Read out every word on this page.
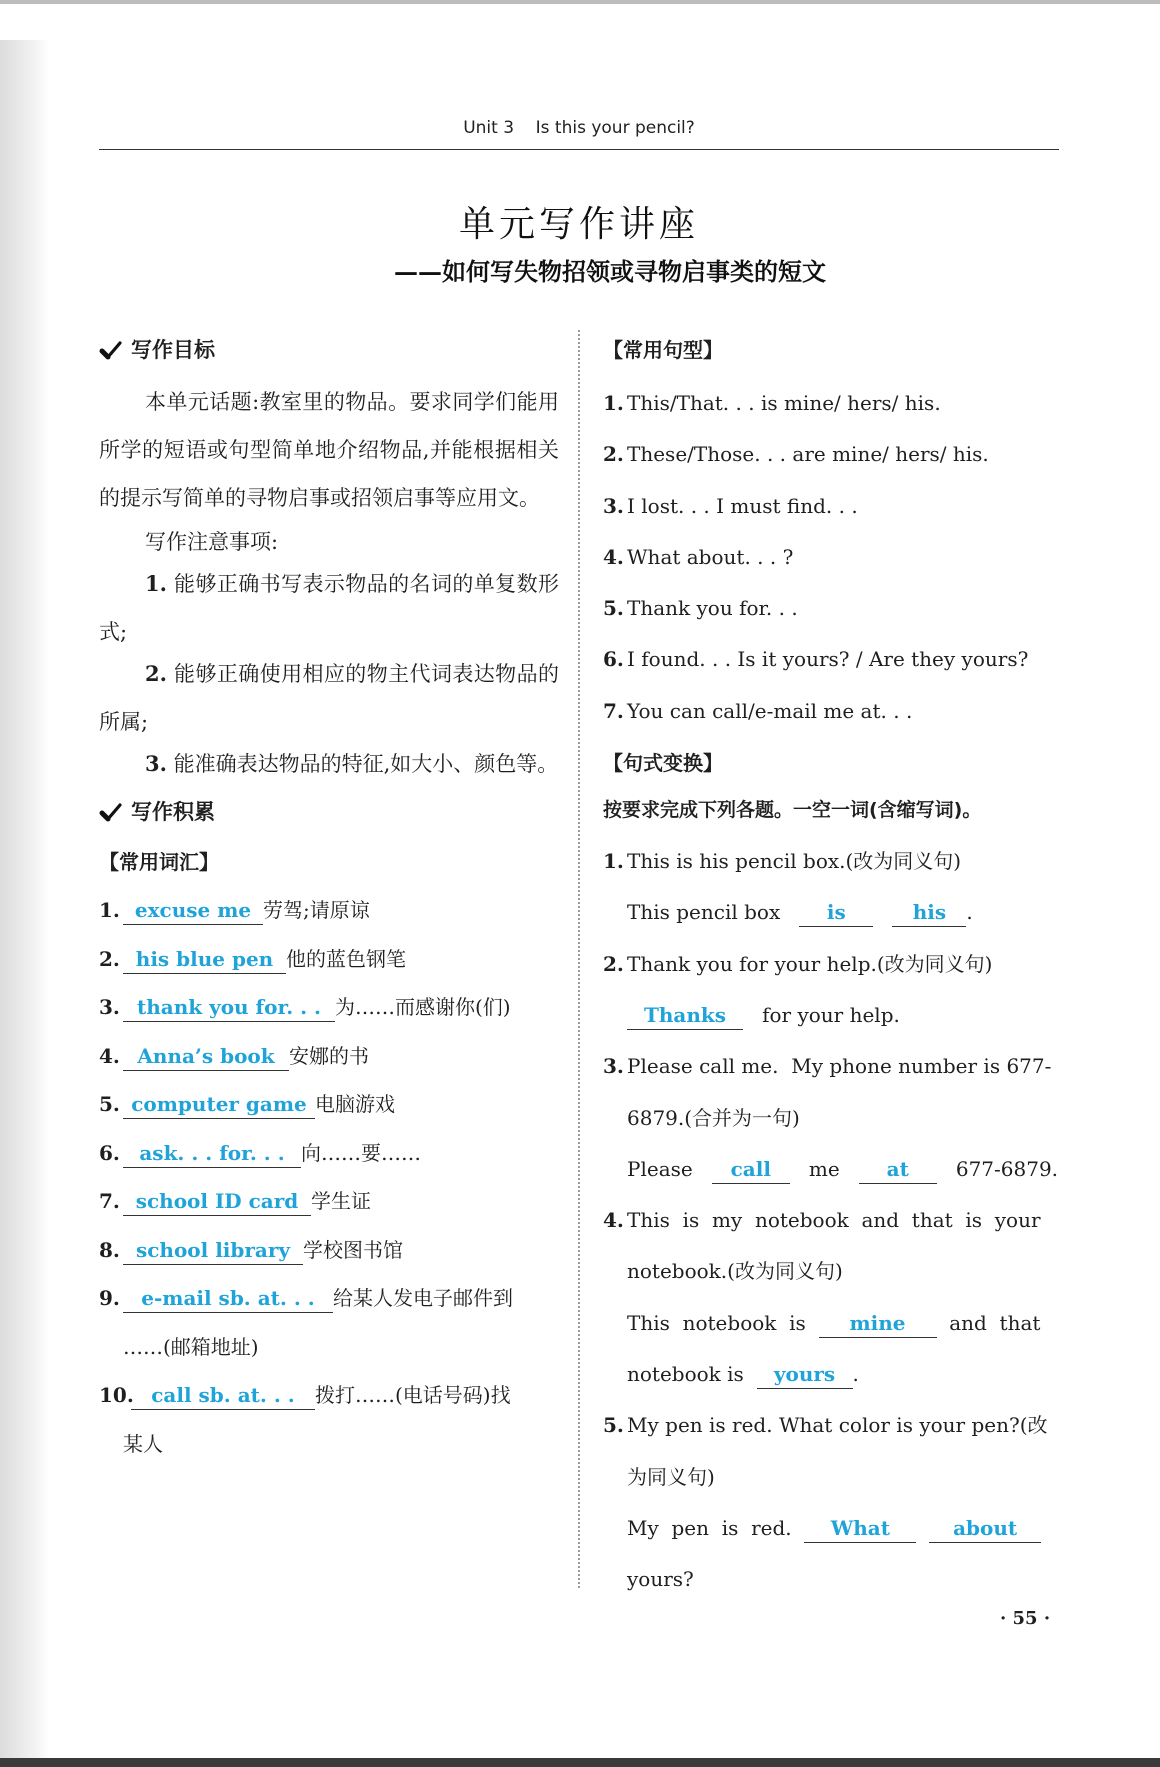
Unit 3    Is this your pencil?
单元写作讲座
——如何写失物招领或寻物启事类的短文
写作目标

本单元话题:教室里的物品。要求同学们能用所学的短语或句型简单地介绍物品,并能根据相关的提示写简单的寻物启事或招领启事等应用文。

写作注意事项:

1. 能够正确书写表示物品的名词的单复数形式;

2. 能够正确使用相应的物主代词表达物品的所属;

3. 能准确表达物品的特征,如大小、颜色等。

写作积累
【常用词汇】
1. excuse me 劳驾;请原谅
2. his blue pen 他的蓝色钢笔
3. thank you for. . . 为……而感谢你(们)
4. Anna’s book 安娜的书
5. computer game 电脑游戏
6. ask. . . for. . . 向……要……
7. school ID card 学生证
8. school library 学校图书馆
9. e-mail sb. at. . . 给某人发电子邮件到
……(邮箱地址)
10. call sb. at. . . 拨打……(电话号码)找
某人
【常用句型】
1. This/That. . . is mine/ hers/ his.
2. These/Those. . . are mine/ hers/ his.
3. I lost. . . I must find. . .
4. What about. . . ?
5. Thank you for. . .
6. I found. . . Is it yours? / Are they yours?
7. You can call/e-mail me at. . .
【句式变换】
按要求完成下列各题。一空一词(含缩写词)。
1. This is his pencil box.(改为同义句)
This pencil box is	his .
2. Thank you for your help.(改为同义句)
Thanks for your help.
3. Please call me.  My phone number is 677-
6879.(合并为一句)
Please call me at 677-6879.
4. This  is  my  notebook  and  that  is  your
notebook.(改为同义句)
This  notebook  is mine and  that
notebook is yours .
5. My pen is red. What color is your pen?(改
为同义句)
My  pen  is  red. What	about
yours?
· 55 ·
